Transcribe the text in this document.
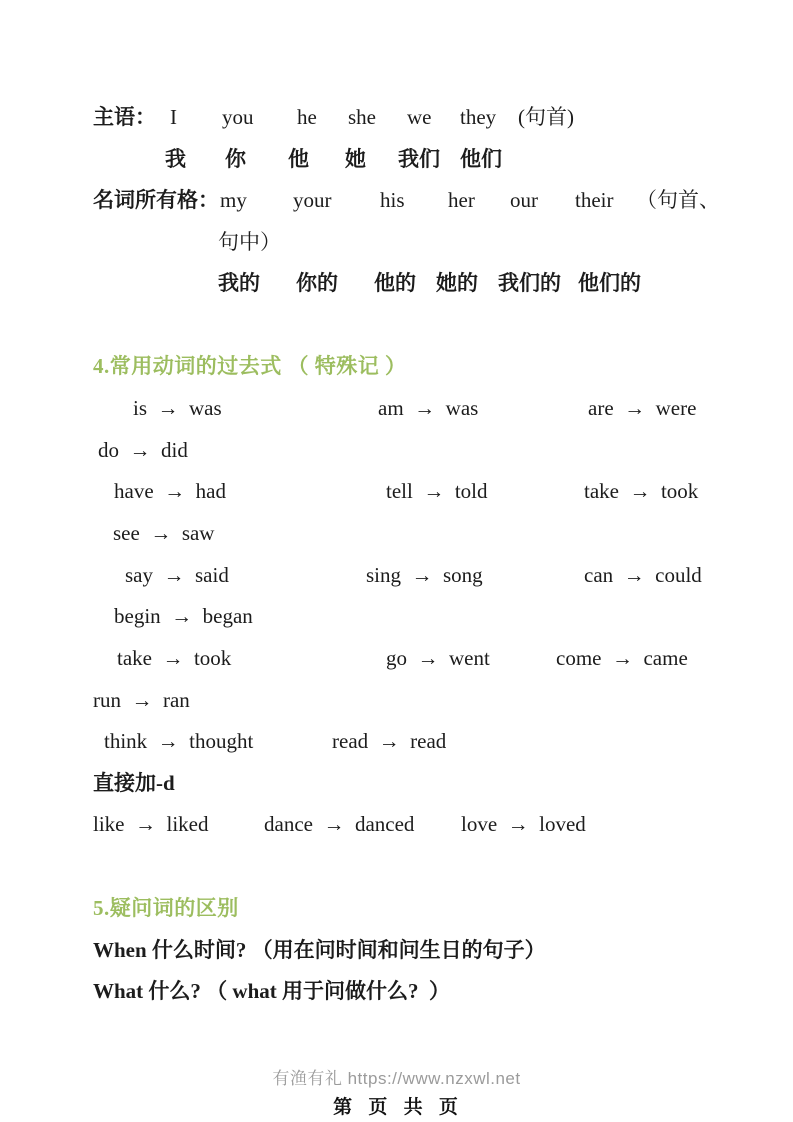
主语： I you he she we they (句首)
我 你 他 她 我们 他们
名词所有格： my your his her our their （句首、
句中）
我的 你的 他的 她的 我们的 他们的
4.常用动词的过去式 （ 特殊记 ）
is  →  was	am  →  was	are  →  were
do  →  did
have  →  had	tell  →  told	take  →  took
see  →  saw
say  →  said	sing  →  song	can  →  could
begin  →  began
take  →  took	go  →  went	come  →  came
run  →  ran
think  →  thought	read  →  read
直接加-d
like  →  liked	dance  →  danced love  →  loved
5.疑问词的区别
When 什么时间? （用在问时间和问生日的句子）
What 什么? （ what 用于问做什么?  ）
有渔有礼 https://www.nzxwl.net
第 页 共 页
